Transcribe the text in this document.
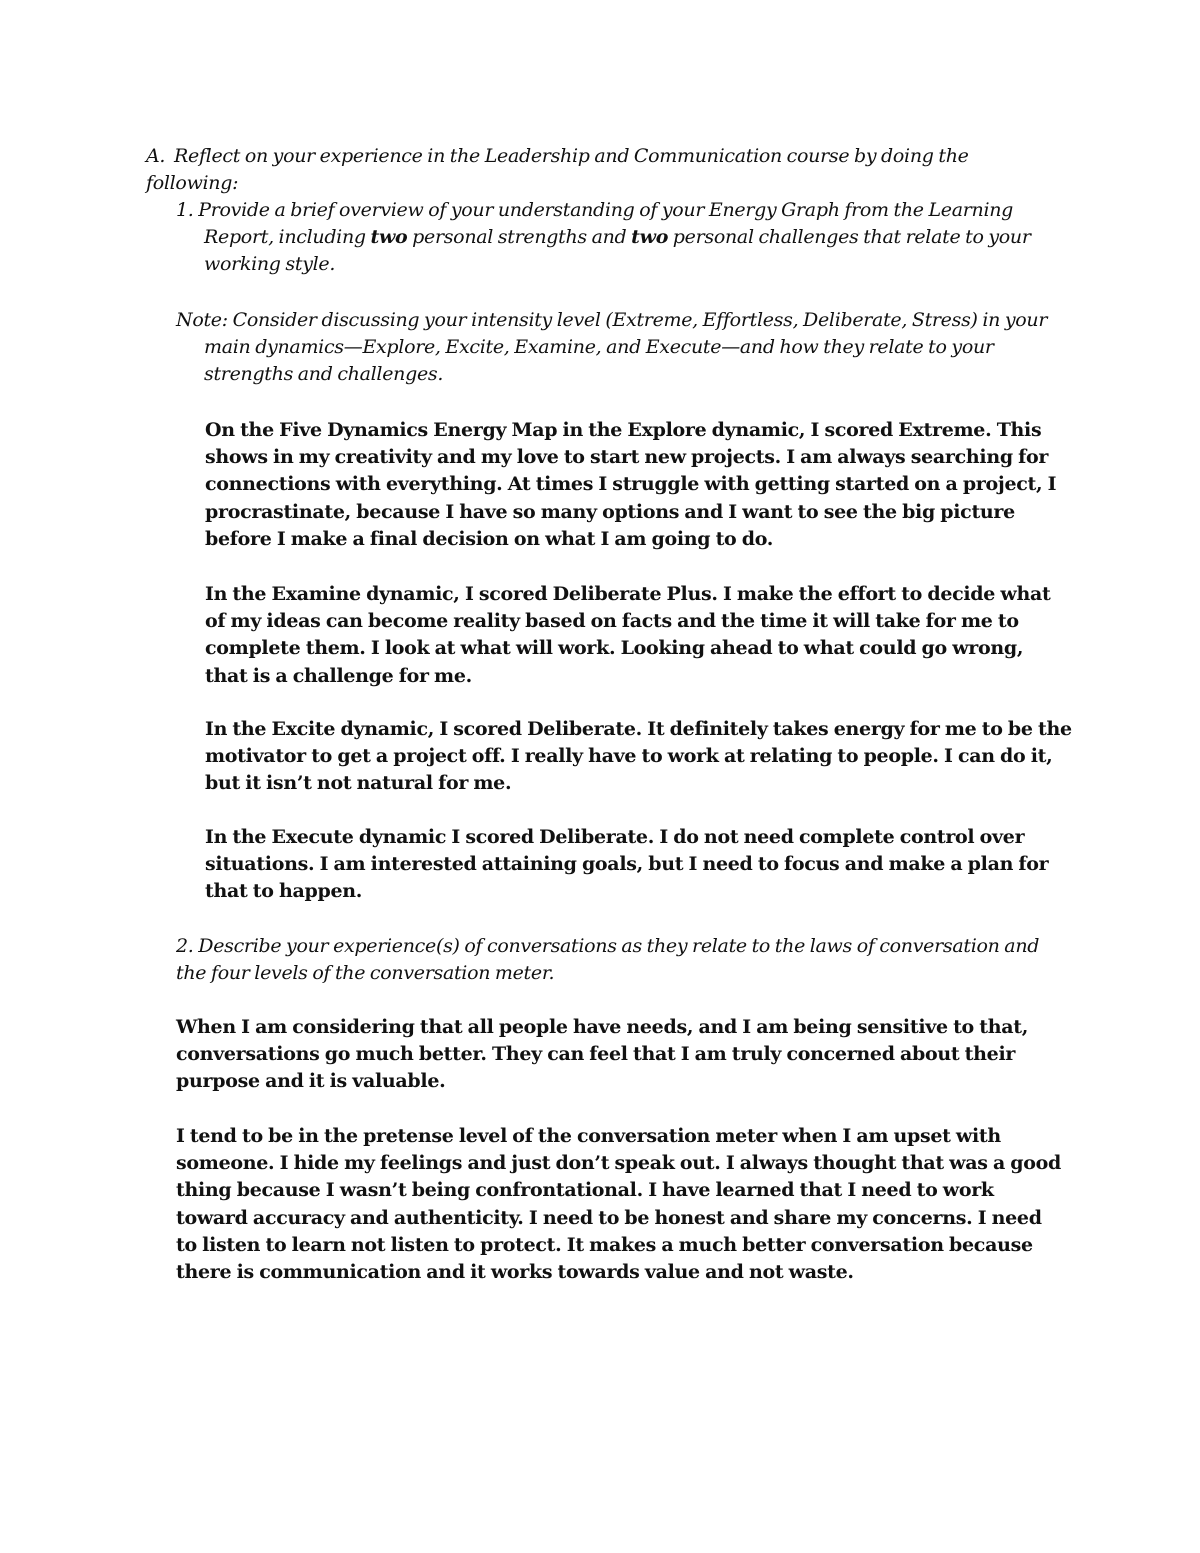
A. Reflect on your experience in the Leadership and Communication course by doing the following:
1. Provide a brief overview of your understanding of your Energy Graph from the Learning Report, including two personal strengths and two personal challenges that relate to your working style.
Note: Consider discussing your intensity level (Extreme, Effortless, Deliberate, Stress) in your main dynamics—Explore, Excite, Examine, and Execute—and how they relate to your strengths and challenges.
On the Five Dynamics Energy Map in the Explore dynamic, I scored Extreme. This shows in my creativity and my love to start new projects. I am always searching for connections with everything. At times I struggle with getting started on a project, I procrastinate, because I have so many options and I want to see the big picture before I make a final decision on what I am going to do.
In the Examine dynamic, I scored Deliberate Plus. I make the effort to decide what of my ideas can become reality based on facts and the time it will take for me to complete them. I look at what will work. Looking ahead to what could go wrong, that is a challenge for me.
In the Excite dynamic, I scored Deliberate. It definitely takes energy for me to be the motivator to get a project off. I really have to work at relating to people. I can do it, but it isn’t not natural for me.
In the Execute dynamic I scored Deliberate. I do not need complete control over situations. I am interested attaining goals, but I need to focus and make a plan for that to happen.
2. Describe your experience(s) of conversations as they relate to the laws of conversation and the four levels of the conversation meter.
When I am considering that all people have needs, and I am being sensitive to that, conversations go much better. They can feel that I am truly concerned about their purpose and it is valuable.
I tend to be in the pretense level of the conversation meter when I am upset with someone. I hide my feelings and just don’t speak out. I always thought that was a good thing because I wasn’t being confrontational. I have learned that I need to work toward accuracy and authenticity. I need to be honest and share my concerns. I need to listen to learn not listen to protect. It makes a much better conversation because there is communication and it works towards value and not waste.
